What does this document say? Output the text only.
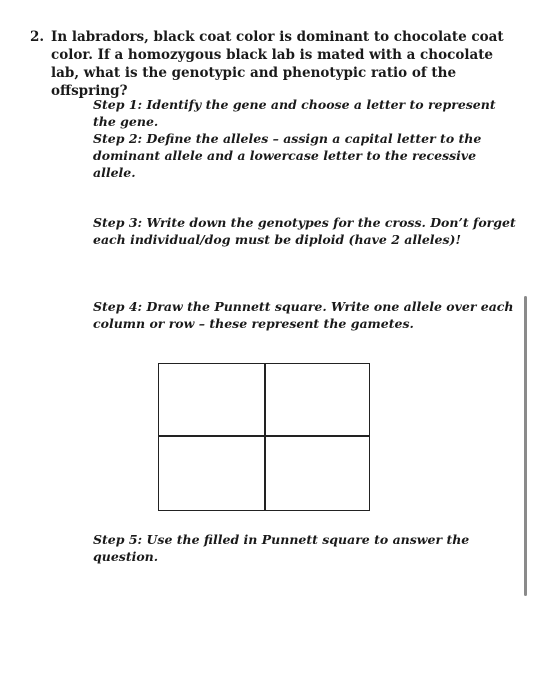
2. In labradors, black coat color is dominant to chocolate coat color. If a homozygous black lab is mated with a chocolate lab, what is the genotypic and phenotypic ratio of the offspring?
Step 1: Identify the gene and choose a letter to represent the gene.
Step 2: Define the alleles – assign a capital letter to the dominant allele and a lowercase letter to the recessive allele.
Step 3: Write down the genotypes for the cross. Don’t forget each individual/dog must be diploid (have 2 alleles)!
Step 4: Draw the Punnett square. Write one allele over each column or row – these represent the gametes.
Step 5: Use the filled in Punnett square to answer the question.
